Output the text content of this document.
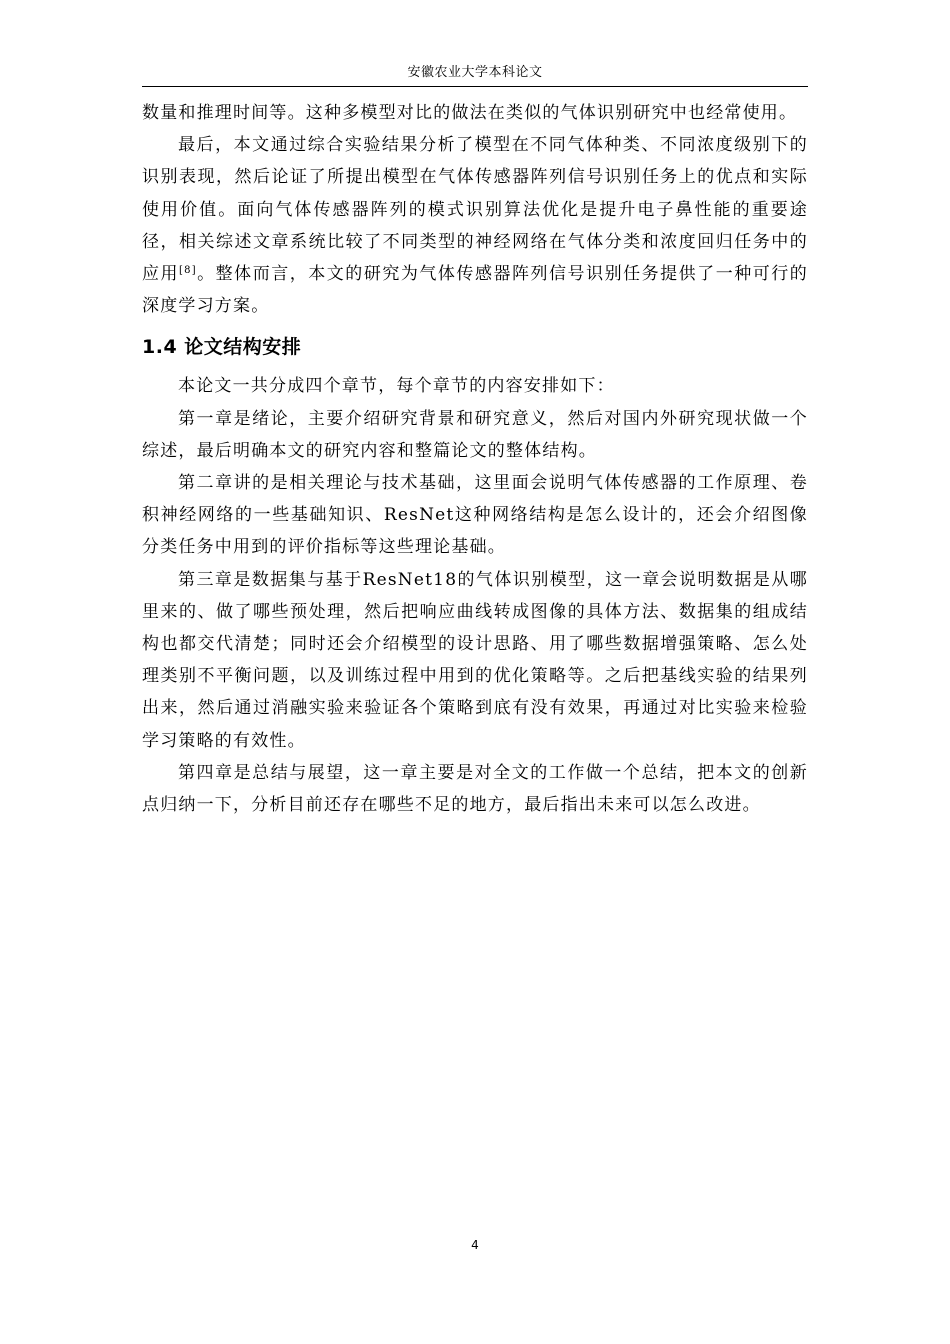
安徽农业大学本科论文

数量和推理时间等。这种多模型对比的做法在类似的气体识别研究中也经常使用。

最后，本文通过综合实验结果分析了模型在不同气体种类、不同浓度级别下的识别表现，然后论证了所提出模型在气体传感器阵列信号识别任务上的优点和实际使用价值。面向气体传感器阵列的模式识别算法优化是提升电子鼻性能的重要途径，相关综述文章系统比较了不同类型的神经网络在气体分类和浓度回归任务中的应用[8]。整体而言，本文的研究为气体传感器阵列信号识别任务提供了一种可行的深度学习方案。

1.4 论文结构安排

本论文一共分成四个章节，每个章节的内容安排如下：

第一章是绪论，主要介绍研究背景和研究意义，然后对国内外研究现状做一个综述，最后明确本文的研究内容和整篇论文的整体结构。

第二章讲的是相关理论与技术基础，这里面会说明气体传感器的工作原理、卷积神经网络的一些基础知识、ResNet这种网络结构是怎么设计的，还会介绍图像分类任务中用到的评价指标等这些理论基础。

第三章是数据集与基于ResNet18的气体识别模型，这一章会说明数据是从哪里来的、做了哪些预处理，然后把响应曲线转成图像的具体方法、数据集的组成结构也都交代清楚；同时还会介绍模型的设计思路、用了哪些数据增强策略、怎么处理类别不平衡问题，以及训练过程中用到的优化策略等。之后把基线实验的结果列出来，然后通过消融实验来验证各个策略到底有没有效果，再通过对比实验来检验学习策略的有效性。

第四章是总结与展望，这一章主要是对全文的工作做一个总结，把本文的创新点归纳一下，分析目前还存在哪些不足的地方，最后指出未来可以怎么改进。

4
